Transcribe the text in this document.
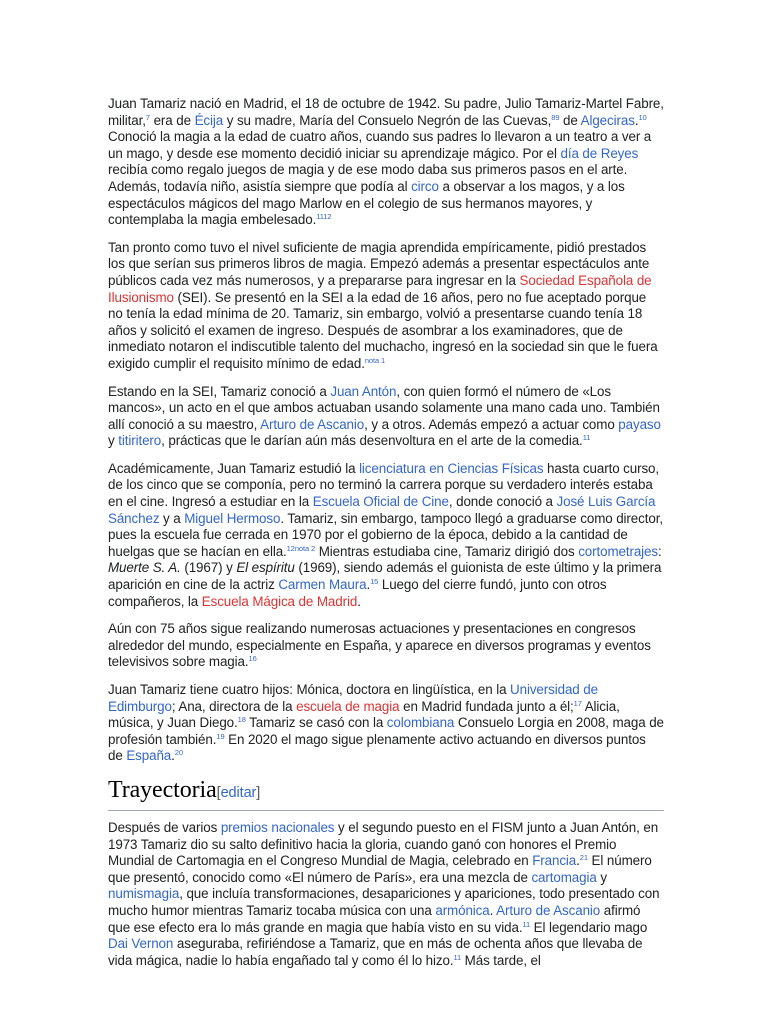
Juan Tamariz nació en Madrid, el 18 de octubre de 1942. Su padre, Julio Tamariz-Martel Fabre, militar,$^7$ era de Écija y su madre, María del Consuelo Negrón de las Cuevas,$^{89}$ de Algeciras.$^{10}$ Conoció la magia a la edad de cuatro años, cuando sus padres lo llevaron a un teatro a ver a un mago, y desde ese momento decidió iniciar su aprendizaje mágico. Por el día de Reyes recibía como regalo juegos de magia y de ese modo daba sus primeros pasos en el arte. Además, todavía niño, asistía siempre que podía al circo a observar a los magos, y a los espectáculos mágicos del mago Marlow en el colegio de sus hermanos mayores, y contemplaba la magia embelesado.$^{1112}$

Tan pronto como tuvo el nivel suficiente de magia aprendida empíricamente, pidió prestados los que serían sus primeros libros de magia. Empezó además a presentar espectáculos ante públicos cada vez más numerosos, y a prepararse para ingresar en la Sociedad Española de Ilusionismo (SEI). Se presentó en la SEI a la edad de 16 años, pero no fue aceptado porque no tenía la edad mínima de 20. Tamariz, sin embargo, volvió a presentarse cuando tenía 18 años y solicitó el examen de ingreso. Después de asombrar a los examinadores, que de inmediato notaron el indiscutible talento del muchacho, ingresó en la sociedad sin que le fuera exigido cumplir el requisito mínimo de edad.$^{nota 1}$

Estando en la SEI, Tamariz conoció a Juan Antón, con quien formó el número de «Los mancos», un acto en el que ambos actuaban usando solamente una mano cada uno. También allí conoció a su maestro, Arturo de Ascanio, y a otros. Además empezó a actuar como payaso y titiritero, prácticas que le darían aún más desenvoltura en el arte de la comedia.$^{11}$

Académicamente, Juan Tamariz estudió la licenciatura en Ciencias Físicas hasta cuarto curso, de los cinco que se componía, pero no terminó la carrera porque su verdadero interés estaba en el cine. Ingresó a estudiar en la Escuela Oficial de Cine, donde conoció a José Luis García Sánchez y a Miguel Hermoso. Tamariz, sin embargo, tampoco llegó a graduarse como director, pues la escuela fue cerrada en 1970 por el gobierno de la época, debido a la cantidad de huelgas que se hacían en ella.$^{12nota 2}$ Mientras estudiaba cine, Tamariz dirigió dos cortometrajes: Muerte S. A. (1967) y El espíritu (1969), siendo además el guionista de este último y la primera aparición en cine de la actriz Carmen Maura.$^{15}$ Luego del cierre fundó, junto con otros compañeros, la Escuela Mágica de Madrid.

Aún con 75 años sigue realizando numerosas actuaciones y presentaciones en congresos alrededor del mundo, especialmente en España, y aparece en diversos programas y eventos televisivos sobre magia.$^{16}$

Juan Tamariz tiene cuatro hijos: Mónica, doctora en lingüística, en la Universidad de Edimburgo; Ana, directora de la escuela de magia en Madrid fundada junto a él;$^{17}$ Alicia, música, y Juan Diego.$^{18}$ Tamariz se casó con la colombiana Consuelo Lorgia en 2008, maga de profesión también.$^{19}$ En 2020 el mago sigue plenamente activo actuando en diversos puntos de España.$^{20}$

Trayectoria[editar]

Después de varios premios nacionales y el segundo puesto en el FISM junto a Juan Antón, en 1973 Tamariz dio su salto definitivo hacia la gloria, cuando ganó con honores el Premio Mundial de Cartomagia en el Congreso Mundial de Magia, celebrado en Francia.$^{21}$ El número que presentó, conocido como «El número de París», era una mezcla de cartomagia y numismagia, que incluía transformaciones, desapariciones y apariciones, todo presentado con mucho humor mientras Tamariz tocaba música con una armónica. Arturo de Ascanio afirmó que ese efecto era lo más grande en magia que había visto en su vida.$^{11}$ El legendario mago Dai Vernon aseguraba, refiriéndose a Tamariz, que en más de ochenta años que llevaba de vida mágica, nadie lo había engañado tal y como él lo hizo.$^{11}$ Más tarde, el
